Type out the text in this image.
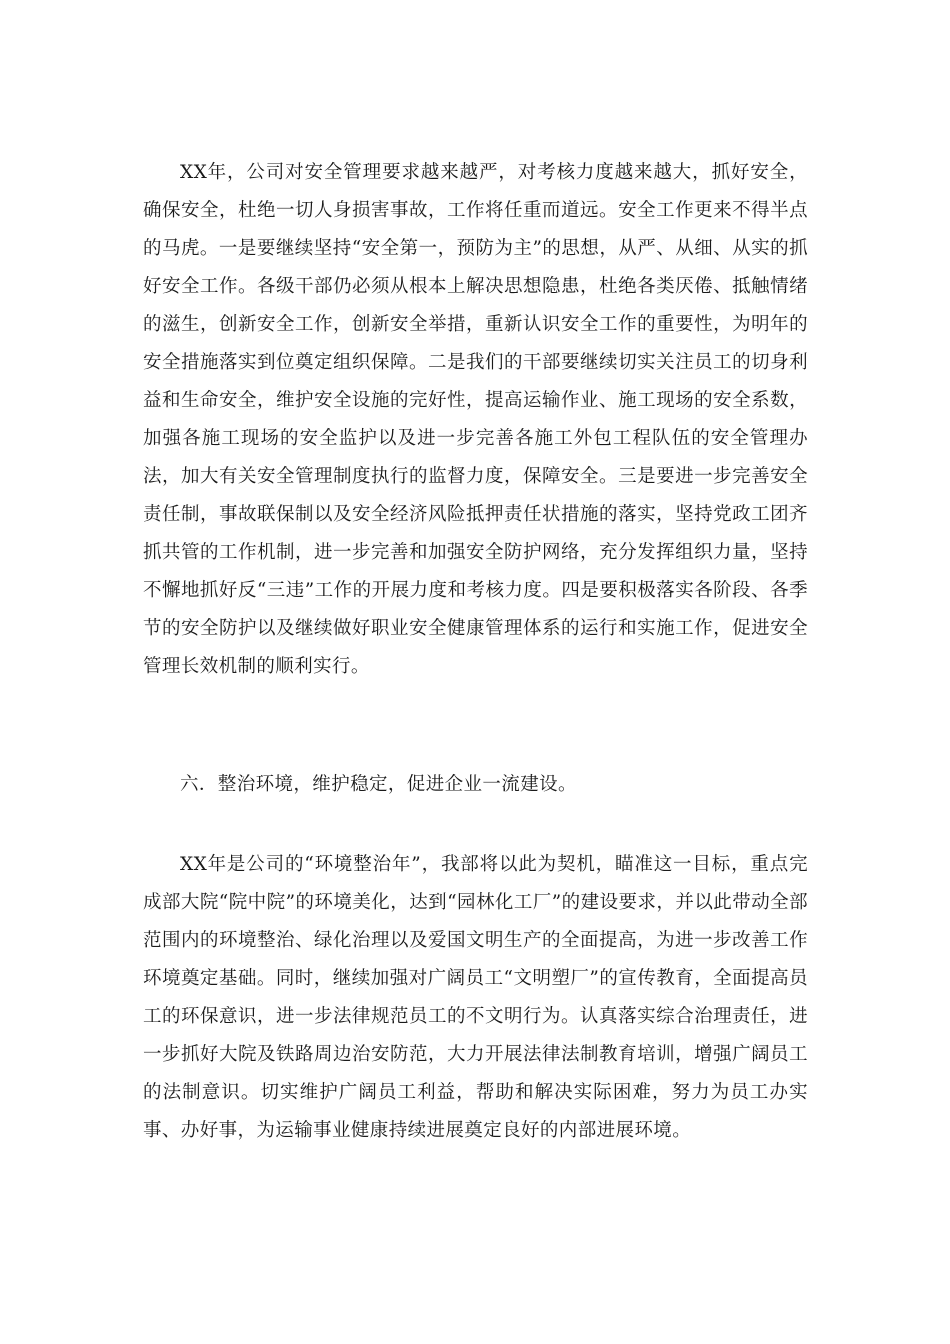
XX年，公司对安全管理要求越来越严，对考核力度越来越大，抓好安全，确保安全，杜绝一切人身损害事故，工作将任重而道远。安全工作更来不得半点的马虎。一是要继续坚持“安全第一，预防为主”的思想，从严、从细、从实的抓好安全工作。各级干部仍必须从根本上解决思想隐患，杜绝各类厌倦、抵触情绪的滋生，创新安全工作，创新安全举措，重新认识安全工作的重要性，为明年的安全措施落实到位奠定组织保障。二是我们的干部要继续切实关注员工的切身利益和生命安全，维护安全设施的完好性，提高运输作业、施工现场的安全系数，加强各施工现场的安全监护以及进一步完善各施工外包工程队伍的安全管理办法，加大有关安全管理制度执行的监督力度，保障安全。三是要进一步完善安全责任制，事故联保制以及安全经济风险抵押责任状措施的落实，坚持党政工团齐抓共管的工作机制，进一步完善和加强安全防护网络，充分发挥组织力量，坚持不懈地抓好反“三违”工作的开展力度和考核力度。四是要积极落实各阶段、各季节的安全防护以及继续做好职业安全健康管理体系的运行和实施工作，促进安全管理长效机制的顺利实行。

六．整治环境，维护稳定，促进企业一流建设。

XX年是公司的“环境整治年”，我部将以此为契机，瞄准这一目标，重点完成部大院“院中院”的环境美化，达到“园林化工厂”的建设要求，并以此带动全部范围内的环境整治、绿化治理以及爱国文明生产的全面提高，为进一步改善工作环境奠定基础。同时，继续加强对广阔员工“文明塑厂”的宣传教育，全面提高员工的环保意识，进一步法律规范员工的不文明行为。认真落实综合治理责任，进一步抓好大院及铁路周边治安防范，大力开展法律法制教育培训，增强广阔员工的法制意识。切实维护广阔员工利益，帮助和解决实际困难，努力为员工办实事、办好事，为运输事业健康持续进展奠定良好的内部进展环境。
